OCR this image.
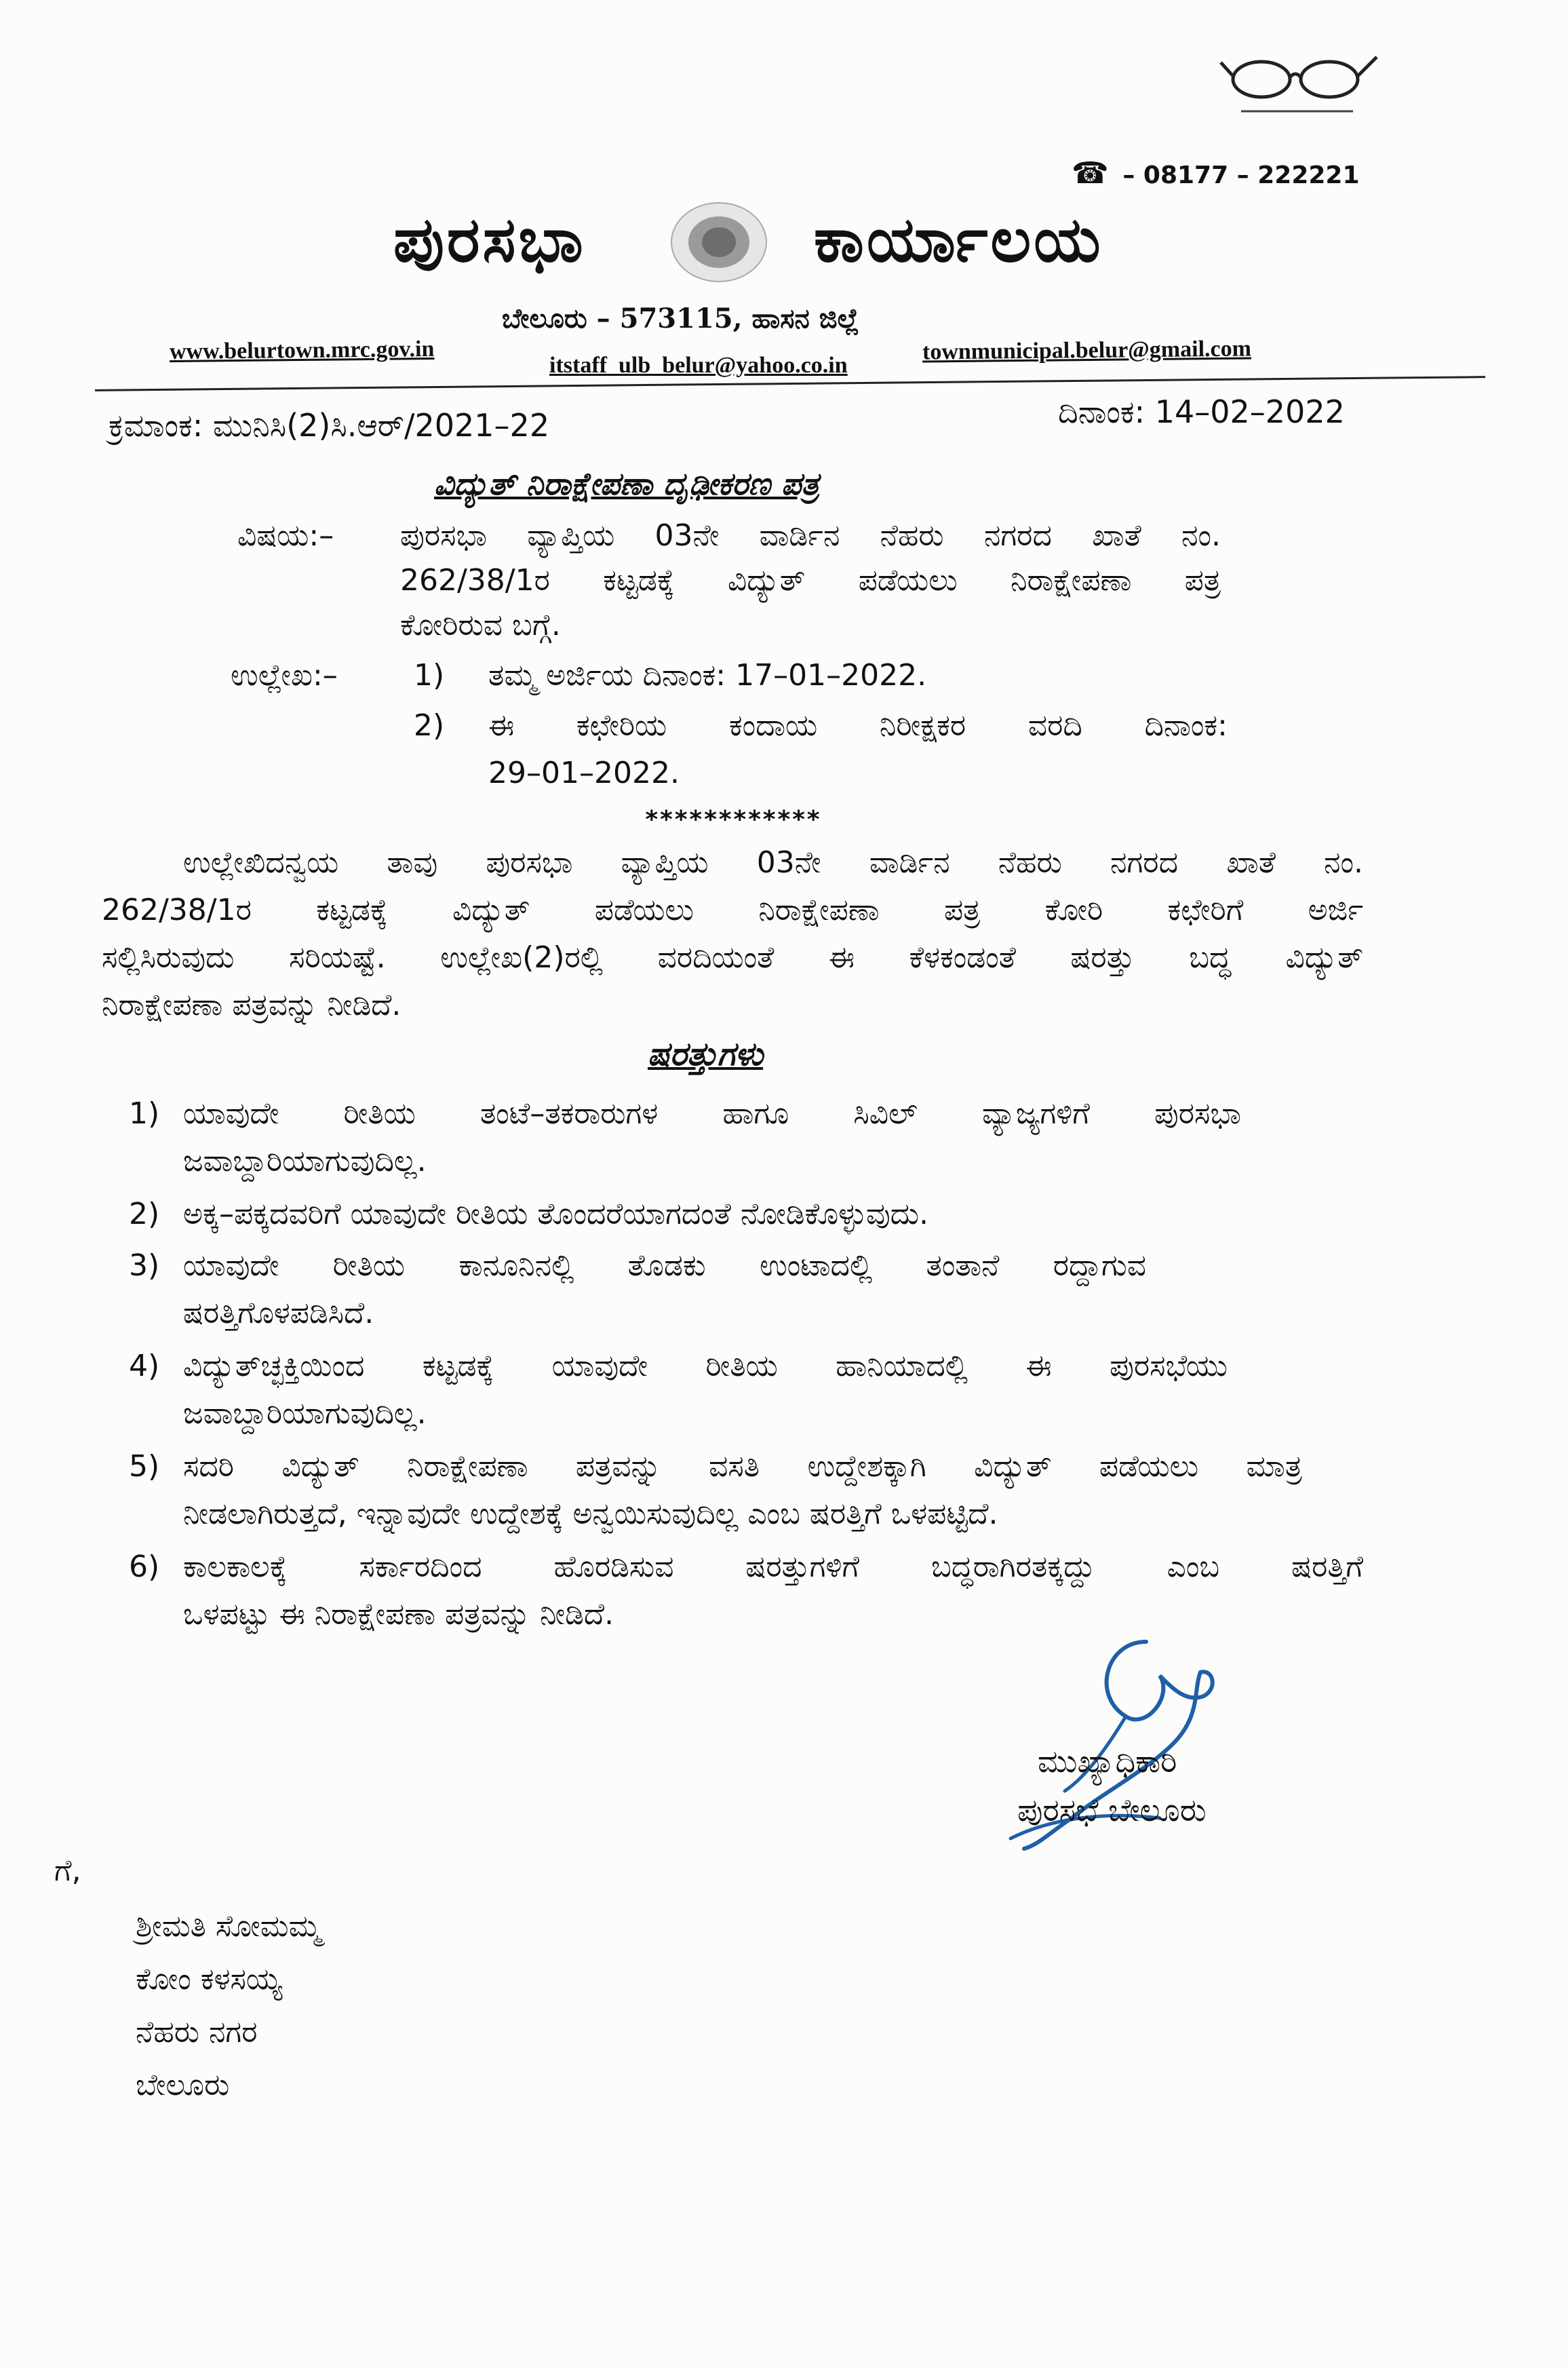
☎ – 08177 – 222221
ಪುರಸಭಾ	ಕಾರ್ಯಾಲಯ
ಬೇಲೂರು – 573115, ಹಾಸನ ಜಿಲ್ಲೆ
www.belurtown.mrc.gov.in
itstaff_ulb_belur@yahoo.co.in
townmunicipal.belur@gmail.com
ಕ್ರಮಾಂಕ: ಮುನಿಸಿ(2)ಸಿ.ಆರ್/2021–22	ದಿನಾಂಕ: 14–02–2022
ವಿದ್ಯುತ್ ನಿರಾಕ್ಷೇಪಣಾ ದೃಢೀಕರಣ ಪತ್ರ
ವಿಷಯ:– ಪುರಸಭಾ ವ್ಯಾಪ್ತಿಯ 03ನೇ ವಾರ್ಡಿನ ನೆಹರು ನಗರದ ಖಾತೆ ನಂ.
262/38/1ರ ಕಟ್ಟಡಕ್ಕೆ ವಿದ್ಯುತ್ ಪಡೆಯಲು ನಿರಾಕ್ಷೇಪಣಾ ಪತ್ರ
ಕೋರಿರುವ ಬಗ್ಗೆ.
ಉಲ್ಲೇಖ:–	1) ತಮ್ಮ ಅರ್ಜಿಯ ದಿನಾಂಕ: 17–01–2022.
2) ಈ ಕಛೇರಿಯ ಕಂದಾಯ ನಿರೀಕ್ಷಕರ ವರದಿ ದಿನಾಂಕ:
29–01–2022.
************
ಉಲ್ಲೇಖಿದನ್ವಯ ತಾವು ಪುರಸಭಾ ವ್ಯಾಪ್ತಿಯ 03ನೇ ವಾರ್ಡಿನ ನೆಹರು ನಗರದ ಖಾತೆ ನಂ.
262/38/1ರ ಕಟ್ಟಡಕ್ಕೆ ವಿದ್ಯುತ್ ಪಡೆಯಲು ನಿರಾಕ್ಷೇಪಣಾ ಪತ್ರ ಕೋರಿ ಕಛೇರಿಗೆ ಅರ್ಜಿ
ಸಲ್ಲಿಸಿರುವುದು ಸರಿಯಷ್ಟೆ. ಉಲ್ಲೇಖ(2)ರಲ್ಲಿ ವರದಿಯಂತೆ ಈ ಕೆಳಕಂಡಂತೆ ಷರತ್ತು ಬದ್ಧ ವಿದ್ಯುತ್
ನಿರಾಕ್ಷೇಪಣಾ ಪತ್ರವನ್ನು ನೀಡಿದೆ.
ಷರತ್ತುಗಳು
1) ಯಾವುದೇ ರೀತಿಯ ತಂಟೆ–ತಕರಾರುಗಳ ಹಾಗೂ ಸಿವಿಲ್ ವ್ಯಾಜ್ಯಗಳಿಗೆ ಪುರಸಭಾ
ಜವಾಬ್ದಾರಿಯಾಗುವುದಿಲ್ಲ.
2) ಅಕ್ಕ–ಪಕ್ಕದವರಿಗೆ ಯಾವುದೇ ರೀತಿಯ ತೊಂದರೆಯಾಗದಂತೆ ನೋಡಿಕೊಳ್ಳುವುದು.
3) ಯಾವುದೇ ರೀತಿಯ ಕಾನೂನಿನಲ್ಲಿ ತೊಡಕು ಉಂಟಾದಲ್ಲಿ ತಂತಾನೆ ರದ್ದಾಗುವ
ಷರತ್ತಿಗೊಳಪಡಿಸಿದೆ.
4) ವಿದ್ಯುತ್‌ಚ್ಛಕ್ತಿಯಿಂದ ಕಟ್ಟಡಕ್ಕೆ ಯಾವುದೇ ರೀತಿಯ ಹಾನಿಯಾದಲ್ಲಿ ಈ ಪುರಸಭೆಯು
ಜವಾಬ್ದಾರಿಯಾಗುವುದಿಲ್ಲ.
5) ಸದರಿ ವಿದ್ಯುತ್ ನಿರಾಕ್ಷೇಪಣಾ ಪತ್ರವನ್ನು ವಸತಿ ಉದ್ದೇಶಕ್ಕಾಗಿ ವಿದ್ಯುತ್ ಪಡೆಯಲು ಮಾತ್ರ
ನೀಡಲಾಗಿರುತ್ತದೆ, ಇನ್ನಾವುದೇ ಉದ್ದೇಶಕ್ಕೆ ಅನ್ವಯಿಸುವುದಿಲ್ಲ ಎಂಬ ಷರತ್ತಿಗೆ ಒಳಪಟ್ಟಿದೆ.
6) ಕಾಲಕಾಲಕ್ಕೆ ಸರ್ಕಾರದಿಂದ ಹೊರಡಿಸುವ ಷರತ್ತುಗಳಿಗೆ ಬದ್ಧರಾಗಿರತಕ್ಕದ್ದು ಎಂಬ ಷರತ್ತಿಗೆ
ಒಳಪಟ್ಟು ಈ ನಿರಾಕ್ಷೇಪಣಾ ಪತ್ರವನ್ನು ನೀಡಿದೆ.
ಮುಖ್ಯಾಧಿಕಾರಿ
ಪುರಸಭೆ ಬೇಲೂರು
ಗೆ,
ಶ್ರೀಮತಿ ಸೋಮಮ್ಮ
ಕೋಂ ಕಳಸಯ್ಯ
ನೆಹರು ನಗರ
ಬೇಲೂರು
